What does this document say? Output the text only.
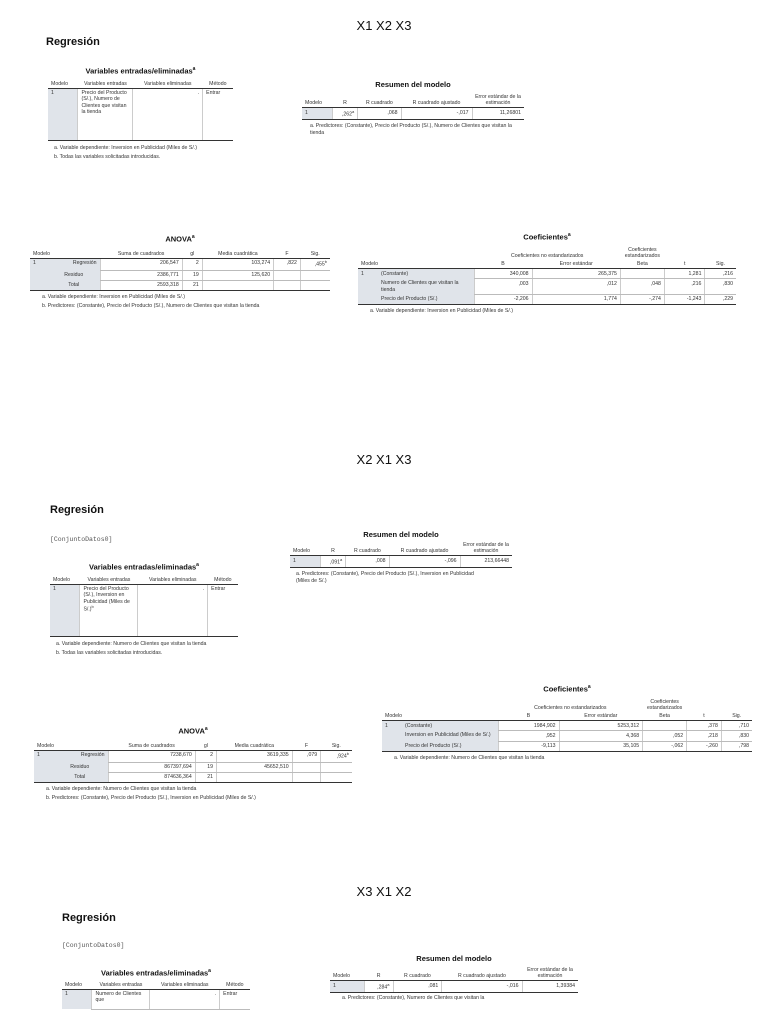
X1 X2 X3
X2 X1 X3
X3 X1 X2
Regresión
Variables entradas/eliminadas$^a$
Modelo	Variables entradas	Variables eliminadas	Método
1	Precio del Producto (S/.), Numero de Clientes que visitan la tienda	.	Entrar
a. Variable dependiente: Inversion en Publicidad (Miles de S/.)
b. Todas las variables solicitadas introducidas.
Resumen del modelo
Modelo	R	R cuadrado	R cuadrado ajustado	Error estándar de la estimación
1	,262$^a$	,068	-,017	11,26801
a. Predictores: (Constante), Precio del Producto (S/.), Numero de Clientes que visitan la tienda
Coeficientes$^a$
		Coeficientes no estandarizados		Coeficientes estandarizados		
Modelo		B	Error estándar	Beta	t	Sig.
1	(Constante)	340,008	265,375		1,281	,216
	Numero de Clientes que visitan la tienda	,003	,012	,048	,216	,830
	Precio del Producto (S/.)	-2,206	1,774	-,274	-1,243	,229
a. Variable dependiente: Inversion en Publicidad (Miles de S/.)
ANOVA$^a$
Modelo		Suma de cuadrados	gl	Media cuadrática	F	Sig.
1	Regresión	206,547	2	103,274	,822	,455$^b$
	Residuo	2386,771	19	125,620		
	Total	2593,318	21			
a. Variable dependiente: Inversion en Publicidad (Miles de S/.)
b. Predictores: (Constante), Precio del Producto (S/.), Numero de Clientes que visitan la tienda
Regresión
[ConjuntoDatos0]
Variables entradas/eliminadas$^a$
Modelo	Variables entradas	Variables eliminadas	Método
1	Precio del Producto (S/.), Inversion en Publicidad (Miles de S/.)$^b$	.	Entrar
a. Variable dependiente: Numero de Clientes que visitan la tienda
b. Todas las variables solicitadas introducidas.
Resumen del modelo
Modelo	R	R cuadrado	R cuadrado ajustado	Error estándar de la estimación
1	,091$^a$	,008	-,096	213,66448
a. Predictores: (Constante), Precio del Producto (S/.), Inversion en Publicidad (Miles de S/.)
ANOVA$^a$
Modelo		Suma de cuadrados	gl	Media cuadrática	F	Sig.
1	Regresión	7238,670	2	3619,335	,079	,924$^b$
	Residuo	867397,694	19	45652,510		
	Total	874636,364	21			
a. Variable dependiente: Numero de Clientes que visitan la tienda
b. Predictores: (Constante), Precio del Producto (S/.), Inversion en Publicidad (Miles de S/.)
Coeficientes$^a$
		Coeficientes no estandarizados		Coeficientes estandarizados		
Modelo		B	Error estándar	Beta	t	Sig.
1	(Constante)	1984,902	5253,312		,378	,710
	Inversion en Publicidad (Miles de S/.)	,952	4,368	,052	,218	,830
	Precio del Producto (S/.)	-9,113	35,105	-,062	-,260	,798
a. Variable dependiente: Numero de Clientes que visitan la tienda
Regresión
[ConjuntoDatos0]
Variables entradas/eliminadas$^a$
Modelo	Variables entradas	Variables eliminadas	Método
1	Numero de Clientes que	.	Entrar
Resumen del modelo
Modelo	R	R cuadrado	R cuadrado ajustado	Error estándar de la estimación
1	,284$^a$	,081	-,016	1,39384
a. Predictores: (Constante), Numero de Clientes que visitan la
